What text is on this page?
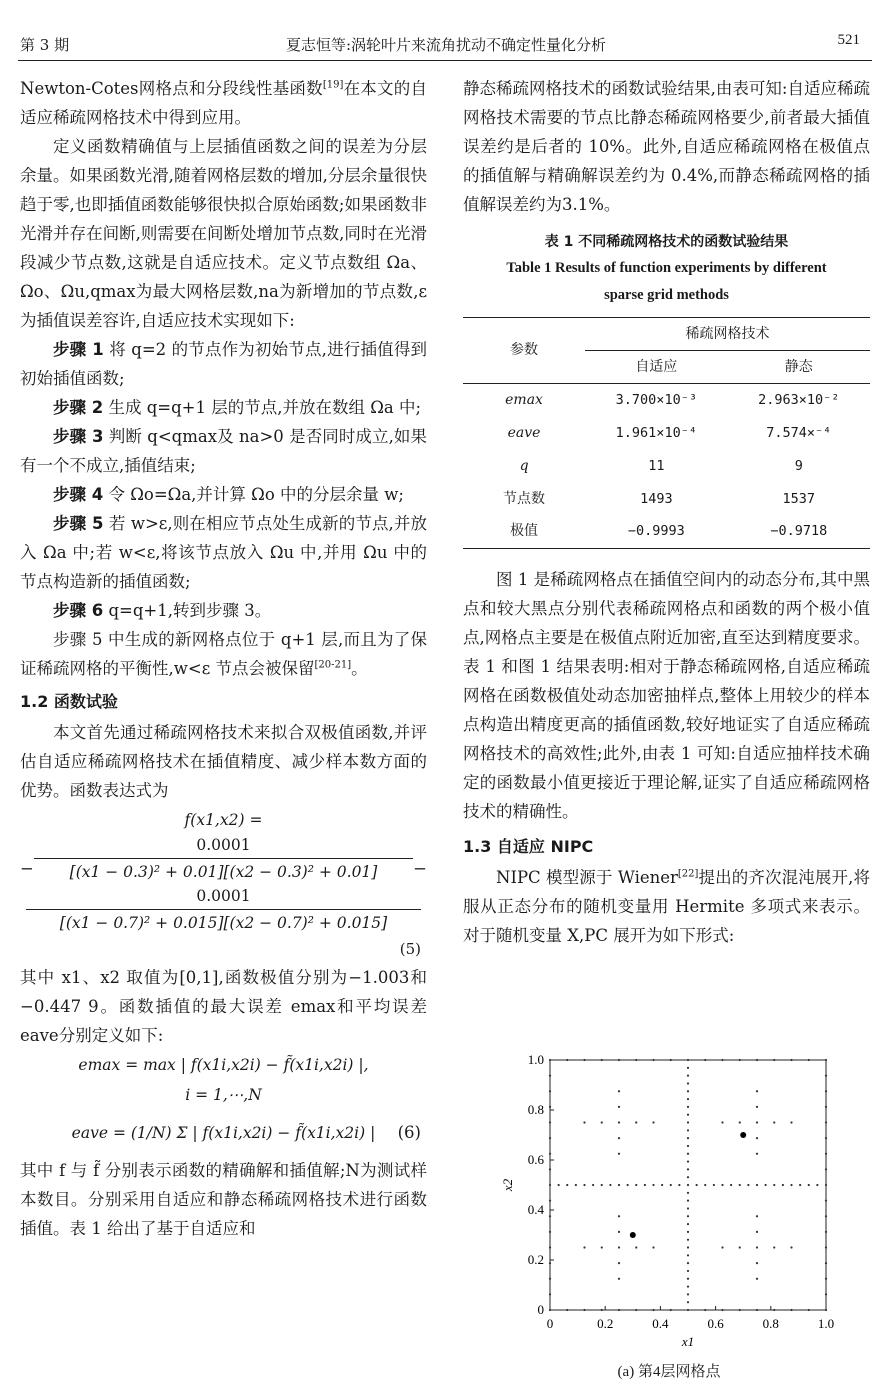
第 3 期	夏志恒等:涡轮叶片来流角扰动不确定性量化分析	521

Newton-Cotes网格点和分段线性基函数[19]在本文的自适应稀疏网格技术中得到应用。

定义函数精确值与上层插值函数之间的误差为分层余量。如果函数光滑,随着网格层数的增加,分层余量很快趋于零,也即插值函数能够很快拟合原始函数;如果函数非光滑并存在间断,则需要在间断处增加节点数,同时在光滑段减少节点数,这就是自适应技术。定义节点数组 Ωa、Ωo、Ωu,qmax为最大网格层数,na为新增加的节点数,ε 为插值误差容许,自适应技术实现如下:

步骤 1 将 q=2 的节点作为初始节点,进行插值得到初始插值函数;

步骤 2 生成 q=q+1 层的节点,并放在数组 Ωa 中;

步骤 3 判断 q<qmax及 na>0 是否同时成立,如果有一个不成立,插值结束;

步骤 4 令 Ωo=Ωa,并计算 Ωo 中的分层余量 w;

步骤 5 若 w>ε,则在相应节点处生成新的节点,并放入 Ωa 中;若 w<ε,将该节点放入 Ωu 中,并用 Ωu 中的节点构造新的插值函数;

步骤 6 q=q+1,转到步骤 3。

步骤 5 中生成的新网格点位于 q+1 层,而且为了保证稀疏网格的平衡性,w<ε 节点会被保留[20-21]。

1.2 函数试验

本文首先通过稀疏网格技术来拟合双极值函数,并评估自适应稀疏网格技术在插值精度、减少样本数方面的优势。函数表达式为

f(x1,x2) =
−
0.0001
[(x1 − 0.3)² + 0.01][(x2 − 0.3)² + 0.01]	−
0.0001
[(x1 − 0.7)² + 0.015][(x2 − 0.7)² + 0.015]
(5)

其中 x1、x2 取值为[0,1],函数极值分别为−1.003和−0.447 9。函数插值的最大误差 emax和平均误差 eave分别定义如下:

emax = max | f(x1i,x2i) − f̃(x1i,x2i) |,
i = 1,⋯,N
eave = (1/N) Σ | f(x1i,x2i) − f̃(x1i,x2i) |	(6)

其中 f 与 f̃ 分别表示函数的精确解和插值解;N为测试样本数目。分别采用自适应和静态稀疏网格技术进行函数插值。表 1 给出了基于自适应和

静态稀疏网格技术的函数试验结果,由表可知:自适应稀疏网格技术需要的节点比静态稀疏网格要少,前者最大插值误差约是后者的 10%。此外,自适应稀疏网格在极值点的插值解与精确解误差约为 0.4%,而静态稀疏网格的插值解误差约为3.1%。

表 1 不同稀疏网格技术的函数试验结果
Table 1 Results of function experiments by different
sparse grid methods
参数	稀疏网格技术	
	自适应	静态
emax	3.700×10⁻³	2.963×10⁻²
eave	1.961×10⁻⁴	7.574×⁻⁴
q	11	9
节点数	1493	1537
极值	−0.9993	−0.9718

图 1 是稀疏网格点在插值空间内的动态分布,其中黑点和较大黑点分别代表稀疏网格点和函数的两个极小值点,网格点主要是在极值点附近加密,直至达到精度要求。表 1 和图 1 结果表明:相对于静态稀疏网格,自适应稀疏网格在函数极值处动态加密抽样点,整体上用较少的样本点构造出精度更高的插值函数,较好地证实了自适应稀疏网格技术的高效性;此外,由表 1 可知:自适应抽样技术确定的函数最小值更接近于理论解,证实了自适应稀疏网格技术的精确性。

1.3 自适应 NIPC

NIPC 模型源于 Wiener[22]提出的齐次混沌展开,将服从正态分布的随机变量用 Hermite 多项式来表示。对于随机变量 X,PC 展开为如下形式:

0	0.2	0.4	0.6	0.8	1.0
0
0.2
0.4
0.6
0.8
1.0
x1
x2
(a) 第4层网格点
